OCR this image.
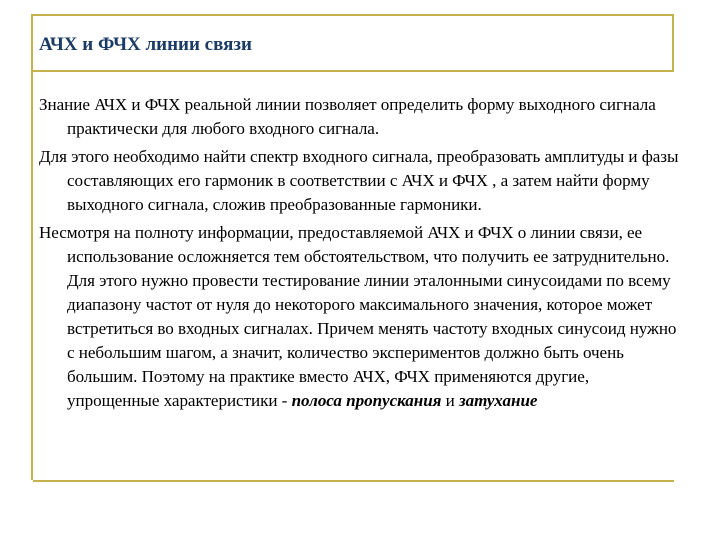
АЧХ и ФЧХ линии связи

Знание АЧХ и ФЧХ реальной линии позволяет определить форму выходного сигнала практически для любого входного сигнала.

Для этого необходимо найти спектр входного сигнала, преобразовать амплитуды и фазы составляющих его гармоник в соответствии с АЧХ и ФЧХ , а затем найти форму выходного сигнала, сложив преобразованные гармоники.

Несмотря на полноту информации, предоставляемой АЧХ и ФЧХ о линии связи, ее использование осложняется тем обстоятельством, что получить ее затруднительно. Для этого нужно провести тестирование линии эталонными синусоидами по всему диапазону частот от нуля до некоторого максимального значения, которое может встретиться во входных сигналах. Причем менять частоту входных синусоид нужно с небольшим шагом, а значит, количество экспериментов должно быть очень большим. Поэтому на практике вместо АЧХ, ФЧХ применяются другие, упрощенные характеристики - полоса пропускания и затухание
